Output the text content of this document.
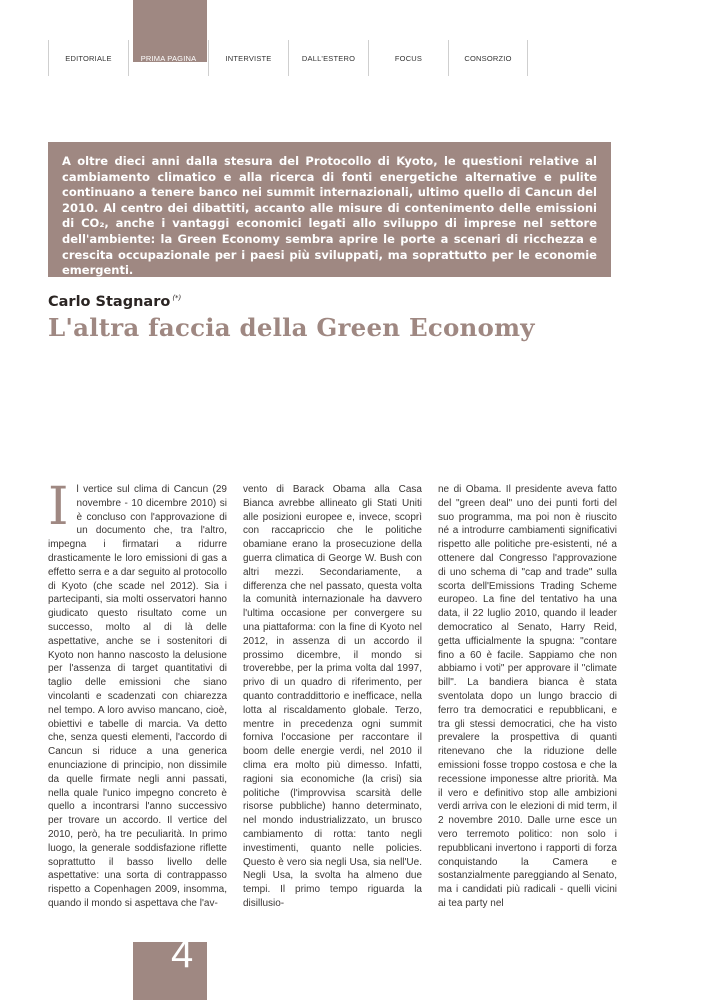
EDITORIALE	PRIMA PAGINA	INTERVISTE	DALL'ESTERO	FOCUS	CONSORZIO
A oltre dieci anni dalla stesura del Protocollo di Kyoto, le questioni relative al cambiamento climatico e alla ricerca di fonti energetiche alternative e pulite continuano a tenere banco nei summit internazionali, ultimo quello di Cancun del 2010. Al centro dei dibattiti, accanto alle misure di contenimento delle emissioni di CO₂, anche i vantaggi economici legati allo sviluppo di imprese nel settore dell'ambiente: la Green Economy sembra aprire le porte a scenari di ricchezza e crescita occupazionale per i paesi più sviluppati, ma soprattutto per le economie emergenti.
Carlo Stagnaro (*)
L'altra faccia della Green Economy
I l vertice sul clima di Cancun (29 novembre - 10 dicembre 2010) si è concluso con l'approvazione di un documento che, tra l'altro, impegna i firmatari a ridurre drasticamente le loro emissioni di gas a effetto serra e a dar seguito al protocollo di Kyoto (che scade nel 2012). Sia i partecipanti, sia molti osservatori hanno giudicato questo risultato come un successo, molto al di là delle aspettative, anche se i sostenitori di Kyoto non hanno nascosto la delusione per l'assenza di target quantitativi di taglio delle emissioni che siano vincolanti e scadenzati con chiarezza nel tempo. A loro avviso mancano, cioè, obiettivi e tabelle di marcia. Va detto che, senza questi elementi, l'accordo di Cancun si riduce a una generica enunciazione di principio, non dissimile da quelle firmate negli anni passati, nella quale l'unico impegno concreto è quello a incontrarsi l'anno successivo per trovare un accordo. Il vertice del 2010, però, ha tre peculiarità. In primo luogo, la generale soddisfazione riflette soprattutto il basso livello delle aspettative: una sorta di contrappasso rispetto a Copenhagen 2009, insomma, quando il mondo si aspettava che l'av-

vento di Barack Obama alla Casa Bianca avrebbe allineato gli Stati Uniti alle posizioni europee e, invece, scoprì con raccapriccio che le politiche obamiane erano la prosecuzione della guerra climatica di George W. Bush con altri mezzi. Secondariamente, a differenza che nel passato, questa volta la comunità internazionale ha davvero l'ultima occasione per convergere su una piattaforma: con la fine di Kyoto nel 2012, in assenza di un accordo il prossimo dicembre, il mondo si troverebbe, per la prima volta dal 1997, privo di un quadro di riferimento, per quanto contraddittorio e inefficace, nella lotta al riscaldamento globale. Terzo, mentre in precedenza ogni summit forniva l'occasione per raccontare il boom delle energie verdi, nel 2010 il clima era molto più dimesso. Infatti, ragioni sia economiche (la crisi) sia politiche (l'improvvisa scarsità delle risorse pubbliche) hanno determinato, nel mondo industrializzato, un brusco cambiamento di rotta: tanto negli investimenti, quanto nelle policies. Questo è vero sia negli Usa, sia nell'Ue. Negli Usa, la svolta ha almeno due tempi. Il primo tempo riguarda la disillusio-

ne di Obama. Il presidente aveva fatto del "green deal" uno dei punti forti del suo programma, ma poi non è riuscito né a introdurre cambiamenti significativi rispetto alle politiche pre-esistenti, né a ottenere dal Congresso l'approvazione di uno schema di "cap and trade" sulla scorta dell'Emissions Trading Scheme europeo. La fine del tentativo ha una data, il 22 luglio 2010, quando il leader democratico al Senato, Harry Reid, getta ufficialmente la spugna: "contare fino a 60 è facile. Sappiamo che non abbiamo i voti" per approvare il "climate bill". La bandiera bianca è stata sventolata dopo un lungo braccio di ferro tra democratici e repubblicani, e tra gli stessi democratici, che ha visto prevalere la prospettiva di quanti ritenevano che la riduzione delle emissioni fosse troppo costosa e che la recessione imponesse altre priorità. Ma il vero e definitivo stop alle ambizioni verdi arriva con le elezioni di mid term, il 2 novembre 2010. Dalle urne esce un vero terremoto politico: non solo i repubblicani invertono i rapporti di forza conquistando la Camera e sostanzialmente pareggiando al Senato, ma i candidati più radicali - quelli vicini ai tea party nel

4
